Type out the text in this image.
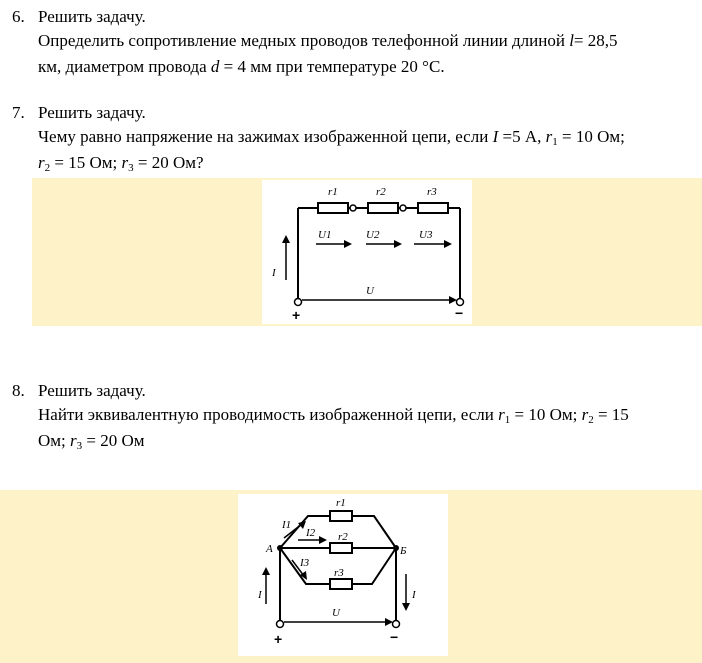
6. Решить задачу.
Определить сопротивление медных проводов телефонной линии длиной l= 28,5
км, диаметром провода d = 4 мм при температуре 20 °С.
7. Решить задачу.
Чему равно напряжение на зажимах изображенной цепи, если I =5 А, $r_1 = 10$ Ом;
$r_2 = 15$ Ом; $r_3 = 20$ Ом?
r1	r2	r3
U1	U2	U3
U
I
+	−
8. Решить задачу.
Найти эквивалентную проводимость изображенной цепи, если $r_1 = 10$ Ом; $r_2 = 15$
Ом; $r_3 = 20$ Ом
r1
r2
r3
I1
I2
I3
А	Б
U
I	I
+	−
